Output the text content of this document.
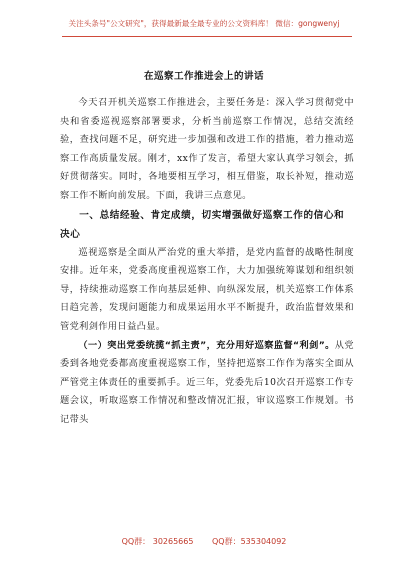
关注头条号"公文研究"，获得最新最全最专业的公文资料库！ 微信：gongwenyj
在巡察工作推进会上的讲话

今天召开机关巡察工作推进会，主要任务是：深入学习贯彻党中央和省委巡视巡察部署要求，分析当前巡察工作情况，总结交流经验，查找问题不足，研究进一步加强和改进工作的措施，着力推动巡察工作高质量发展。刚才，xx作了发言，希望大家认真学习领会，抓好贯彻落实。同时，各地要相互学习，相互借鉴，取长补短，推动巡察工作不断向前发展。下面，我讲三点意见。

一、总结经验、肯定成绩，切实增强做好巡察工作的信心和决心

巡视巡察是全面从严治党的重大举措，是党内监督的战略性制度安排。近年来，党委高度重视巡察工作，大力加强统筹谋划和组织领导，持续推动巡察工作向基层延伸、向纵深发展，机关巡察工作体系日趋完善，发现问题能力和成果运用水平不断提升，政治监督效果和管党利剑作用日益凸显。

（一）突出党委统揽“抓主责”，充分用好巡察监督“利剑”。从党委到各地党委都高度重视巡察工作，坚持把巡察工作作为落实全面从严管党主体责任的重要抓手。近三年，党委先后10次召开巡察工作专题会议，听取巡察工作情况和整改情况汇报，审议巡察工作规划。书记带头

QQ群： 30265665 QQ群：535304092
